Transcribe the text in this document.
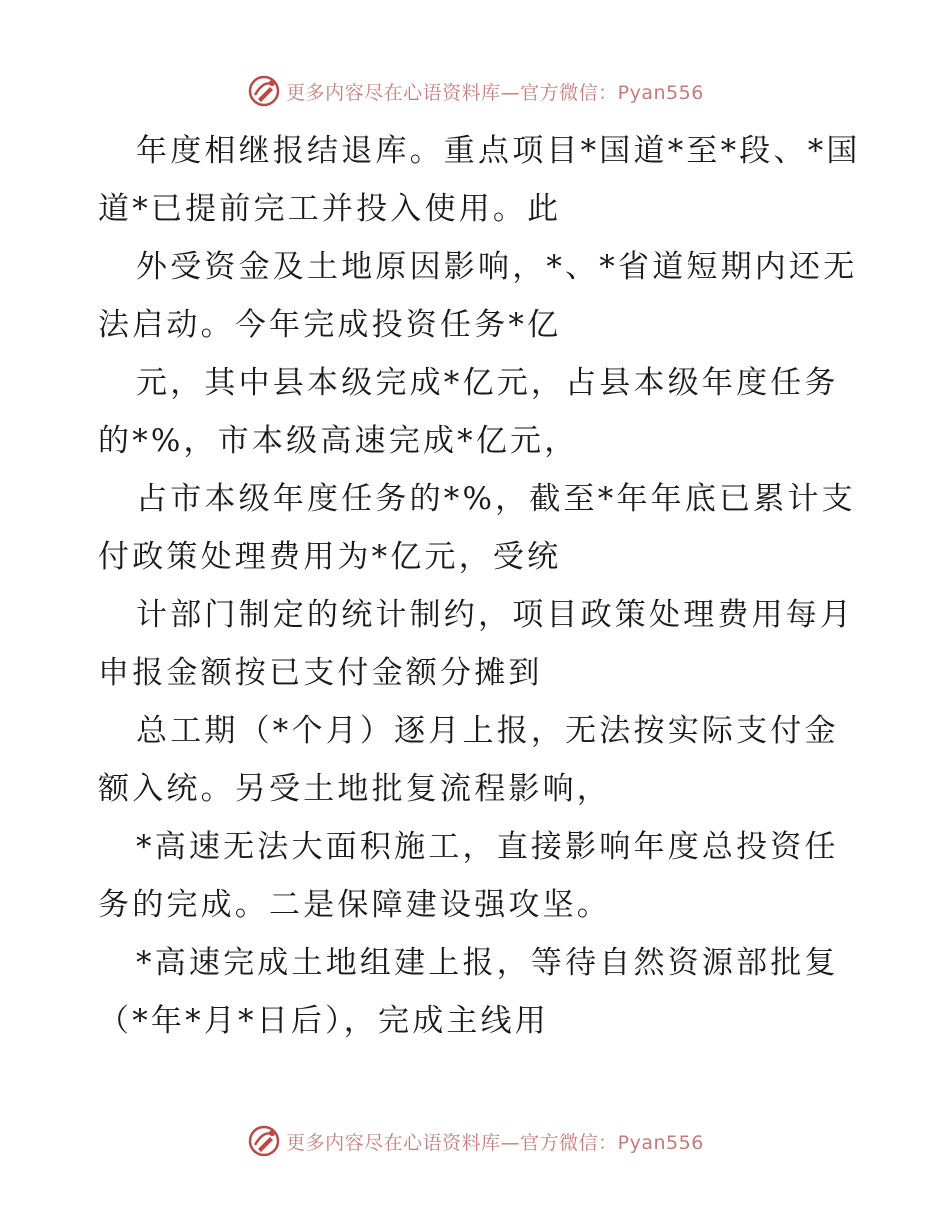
更多内容尽在心语资料库—官方微信：Pyan556

年度相继报结退库。重点项目*国道*至*段、*国
道*已提前完工并投入使用。此

外受资金及土地原因影响，*、*省道短期内还无
法启动。今年完成投资任务*亿

元，其中县本级完成*亿元，占县本级年度任务
的*%，市本级高速完成*亿元，

占市本级年度任务的*%，截至*年年底已累计支
付政策处理费用为*亿元，受统

计部门制定的统计制约，项目政策处理费用每月
申报金额按已支付金额分摊到

总工期（*个月）逐月上报，无法按实际支付金
额入统。另受土地批复流程影响，

*高速无法大面积施工，直接影响年度总投资任
务的完成。二是保障建设强攻坚。

*高速完成土地组建上报，等待自然资源部批复
（*年*月*日后），完成主线用

更多内容尽在心语资料库—官方微信：Pyan556
